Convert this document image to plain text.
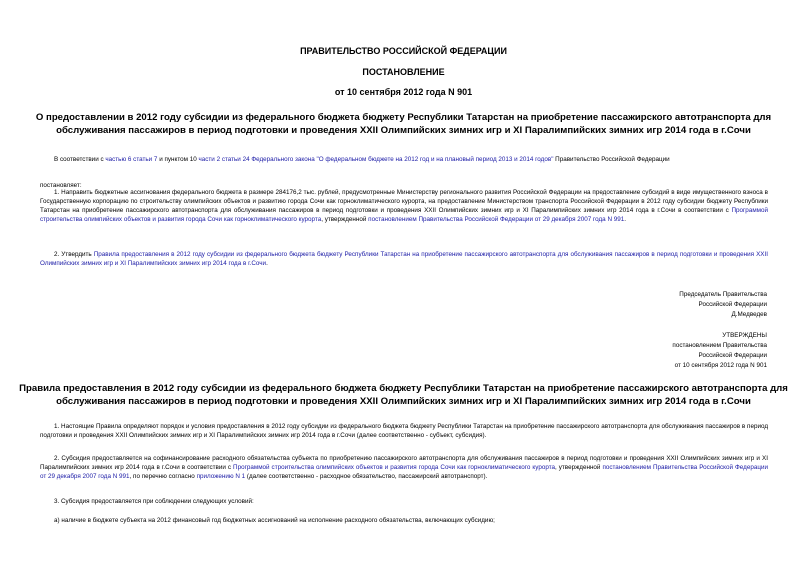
ПРАВИТЕЛЬСТВО РОССИЙСКОЙ ФЕДЕРАЦИИ
ПОСТАНОВЛЕНИЕ
от 10 сентября 2012 года N 901
О предоставлении в 2012 году субсидии из федерального бюджета бюджету Республики Татарстан на приобретение пассажирского автотранспорта для
обслуживания пассажиров в период подготовки и проведения XXII Олимпийских зимних игр и XI Паралимпийских зимних игр 2014 года в г.Сочи
В соответствии с частью 6 статьи 7 и пунктом 10 части 2 статьи 24 Федерального закона "О федеральном бюджете на 2012 год и на плановый период 2013 и 2014 годов" Правительство Российской Федерации
постановляет:
1. Направить бюджетные ассигнования федерального бюджета в размере 284176,2 тыс. рублей, предусмотренные Министерству регионального развития Российской Федерации на предоставление субсидий в виде имущественного взноса в Государственную корпорацию по строительству олимпийских объектов и развитию города Сочи как горноклиматического курорта, на предоставление Министерством транспорта Российской Федерации в 2012 году субсидии бюджету Республики Татарстан на приобретение пассажирского автотранспорта для обслуживания пассажиров в период подготовки и проведения XXII Олимпийских зимних игр и XI Паралимпийских зимних игр 2014 года в г.Сочи в соответствии с Программой строительства олимпийских объектов и развития города Сочи как горноклиматического курорта, утвержденной постановлением Правительства Российской Федерации от 29 декабря 2007 года N 991.
2. Утвердить Правила предоставления в 2012 году субсидии из федерального бюджета бюджету Республики Татарстан на приобретение пассажирского автотранспорта для обслуживания пассажиров в период подготовки и проведения XXII Олимпийских зимних игр и XI Паралимпийских зимних игр 2014 года в г.Сочи.
Председатель Правительства
Российской Федерации
Д.Медведев
УТВЕРЖДЕНЫ
постановлением Правительства
Российской Федерации
от 10 сентября 2012 года N 901
Правила предоставления в 2012 году субсидии из федерального бюджета бюджету Республики Татарстан на приобретение пассажирского автотранспорта для
обслуживания пассажиров в период подготовки и проведения XXII Олимпийских зимних игр и XI Паралимпийских зимних игр 2014 года в г.Сочи
1. Настоящие Правила определяют порядок и условия предоставления в 2012 году субсидии из федерального бюджета бюджету Республики Татарстан на приобретение пассажирского автотранспорта для обслуживания пассажиров в период подготовки и проведения XXII Олимпийских зимних игр и XI Паралимпийских зимних игр 2014 года в г.Сочи (далее соответственно - субъект, субсидия).
2. Субсидия предоставляется на софинансирование расходного обязательства субъекта по приобретению пассажирского автотранспорта для обслуживания пассажиров в период подготовки и проведения XXII Олимпийских зимних игр и XI Паралимпийских зимних игр 2014 года в г.Сочи в соответствии с Программой строительства олимпийских объектов и развития города Сочи как горноклиматического курорта, утвержденной постановлением Правительства Российской Федерации от 29 декабря 2007 года N 991, по перечню согласно приложению N 1 (далее соответственно - расходное обязательство, пассажирский автотранспорт).
3. Субсидия предоставляется при соблюдении следующих условий:
а) наличие в бюджете субъекта на 2012 финансовый год бюджетных ассигнований на исполнение расходного обязательства, включающих субсидию;
